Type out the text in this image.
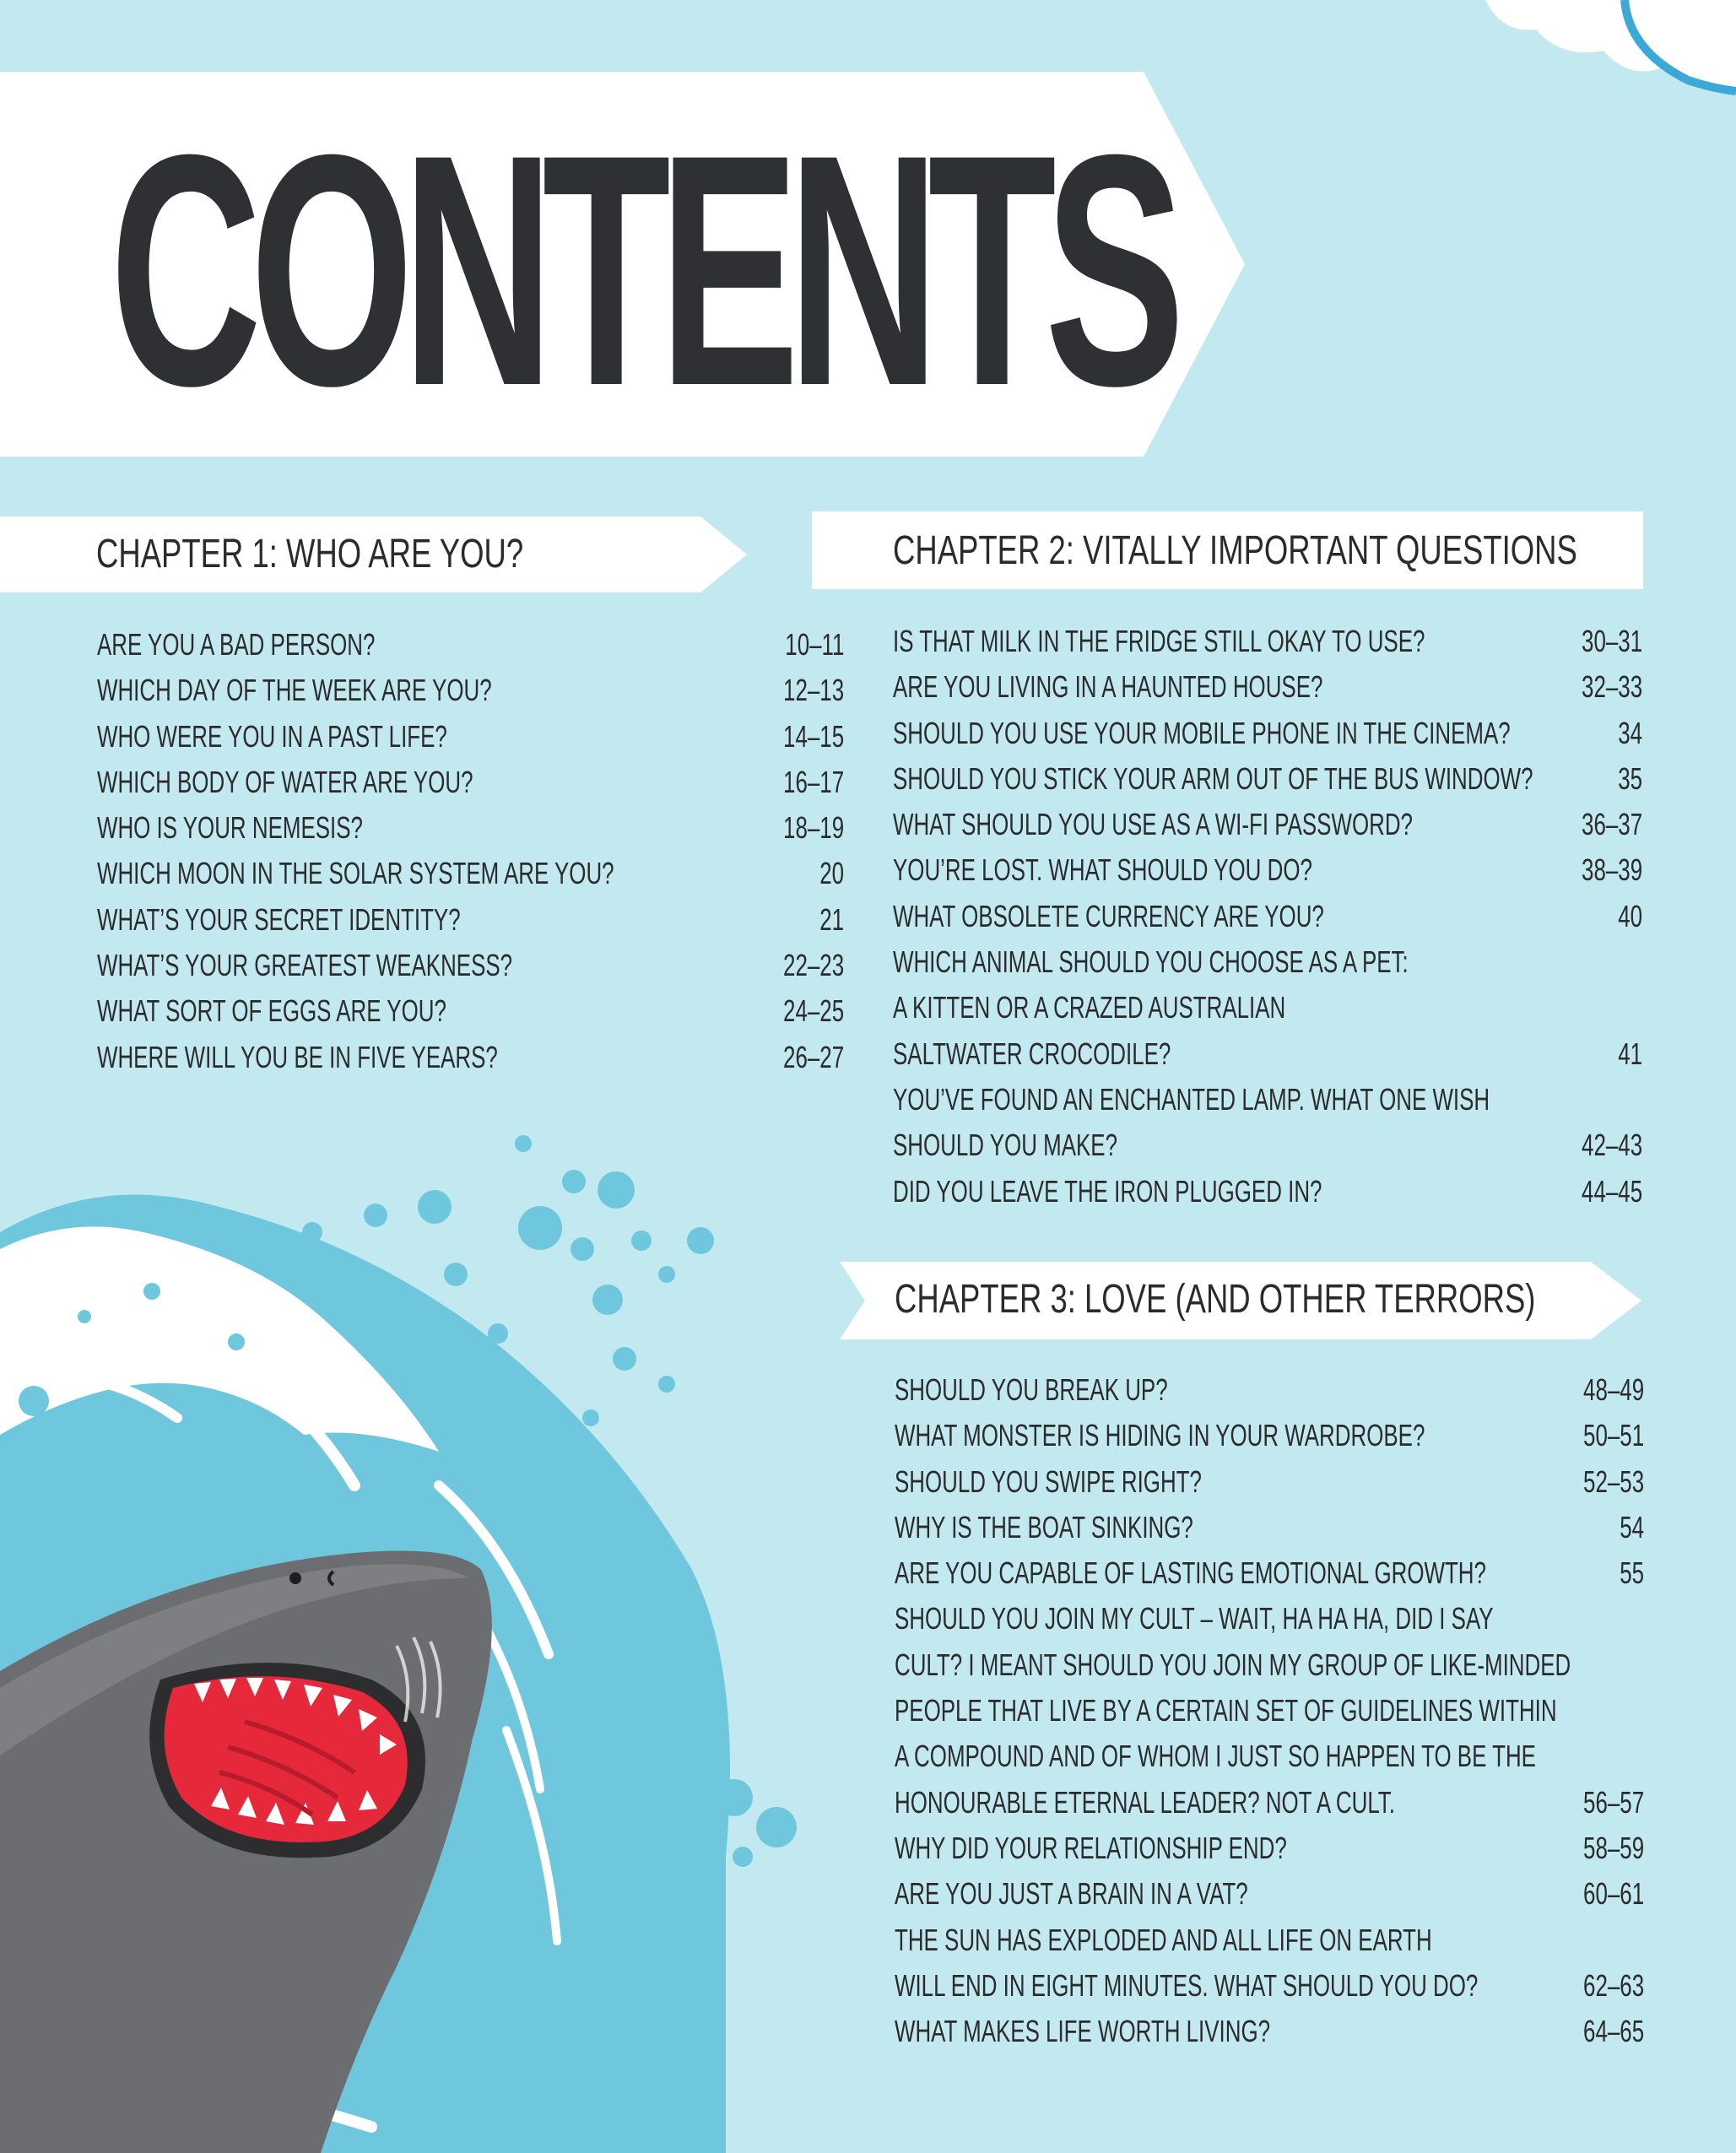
CONTENTS
CHAPTER 1: WHO ARE YOU?
ARE YOU A BAD PERSON?	10–11
WHICH DAY OF THE WEEK ARE YOU?	12–13
WHO WERE YOU IN A PAST LIFE?	14–15
WHICH BODY OF WATER ARE YOU?	16–17
WHO IS YOUR NEMESIS?	18–19
WHICH MOON IN THE SOLAR SYSTEM ARE YOU?	20
WHAT’S YOUR SECRET IDENTITY?	21
WHAT’S YOUR GREATEST WEAKNESS?	22–23
WHAT SORT OF EGGS ARE YOU?	24–25
WHERE WILL YOU BE IN FIVE YEARS?	26–27
CHAPTER 2: VITALLY IMPORTANT QUESTIONS
IS THAT MILK IN THE FRIDGE STILL OKAY TO USE?	30–31
ARE YOU LIVING IN A HAUNTED HOUSE?	32–33
SHOULD YOU USE YOUR MOBILE PHONE IN THE CINEMA?	34
SHOULD YOU STICK YOUR ARM OUT OF THE BUS WINDOW?	35
WHAT SHOULD YOU USE AS A WI-FI PASSWORD?	36–37
YOU’RE LOST. WHAT SHOULD YOU DO?	38–39
WHAT OBSOLETE CURRENCY ARE YOU?	40
WHICH ANIMAL SHOULD YOU CHOOSE AS A PET:
A KITTEN OR A CRAZED AUSTRALIAN
SALTWATER CROCODILE?	41
YOU’VE FOUND AN ENCHANTED LAMP. WHAT ONE WISH
SHOULD YOU MAKE?	42–43
DID YOU LEAVE THE IRON PLUGGED IN?	44–45
CHAPTER 3: LOVE (AND OTHER TERRORS)
SHOULD YOU BREAK UP?	48–49
WHAT MONSTER IS HIDING IN YOUR WARDROBE?	50–51
SHOULD YOU SWIPE RIGHT?	52–53
WHY IS THE BOAT SINKING?	54
ARE YOU CAPABLE OF LASTING EMOTIONAL GROWTH?	55
SHOULD YOU JOIN MY CULT – WAIT, HA HA HA, DID I SAY
CULT? I MEANT SHOULD YOU JOIN MY GROUP OF LIKE-MINDED
PEOPLE THAT LIVE BY A CERTAIN SET OF GUIDELINES WITHIN
A COMPOUND AND OF WHOM I JUST SO HAPPEN TO BE THE
HONOURABLE ETERNAL LEADER? NOT A CULT.	56–57
WHY DID YOUR RELATIONSHIP END?	58–59
ARE YOU JUST A BRAIN IN A VAT?	60–61
THE SUN HAS EXPLODED AND ALL LIFE ON EARTH
WILL END IN EIGHT MINUTES. WHAT SHOULD YOU DO?	62–63
WHAT MAKES LIFE WORTH LIVING?	64–65
